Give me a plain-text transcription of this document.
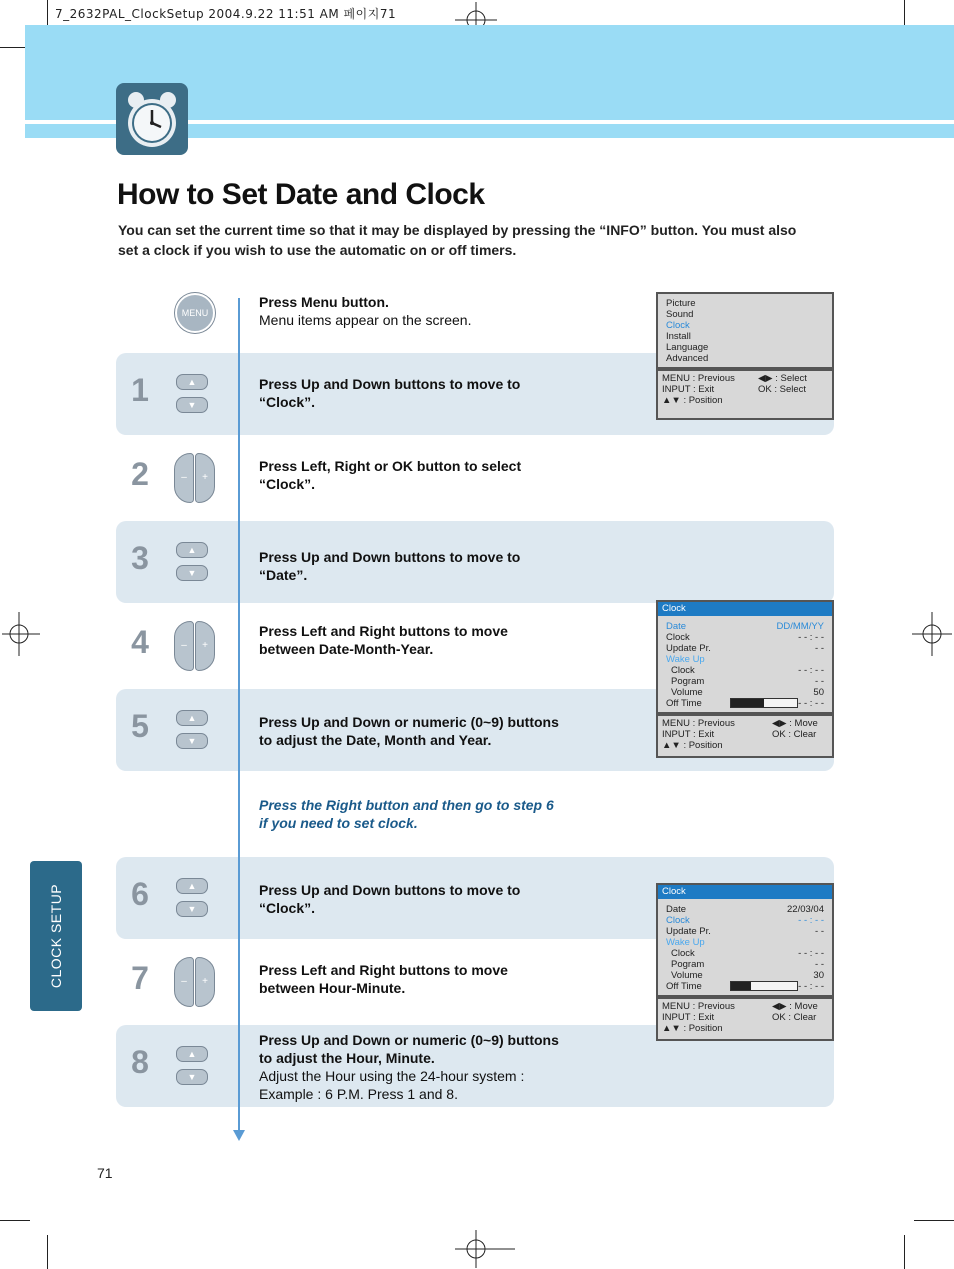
7_2632PAL_ClockSetup 2004.9.22 11:51 AM 페이지71
How to Set Date and Clock
You can set the current time so that it may be displayed by pressing the “INFO” button. You must also set a clock if you wish to use the automatic on or off timers.
MENU
Press Menu button.
Menu items appear on the screen.
1	▲
▼
Press Up and Down buttons to move to
“Clock”.
2	–	+
Press Left, Right or OK button to select
“Clock”.
3	▲
▼
Press Up and Down buttons to move to
“Date”.
4	–	+
Press Left and Right buttons to move
between Date-Month-Year.
5	▲
▼
Press Up and Down or numeric (0~9) buttons
to adjust the Date, Month and Year.
Press the Right button and then go to step 6
if you need to set clock.
6	▲
▼
Press Up and Down buttons to move to
“Clock”.
7	–	+
Press Left and Right buttons to move
between Hour-Minute.
8	▲
▼
Press Up and Down or numeric (0~9) buttons
to adjust the Hour, Minute.
Adjust the Hour using the 24-hour system :
Example : 6 P.M. Press 1 and 8.
Picture
Sound
Clock
Install
Language
Advanced
MENU : Previous ◀▶ : Select
INPUT : Exit	OK : Select
▲▼ : Position
Clock
Date	DD/MM/YY
Clock	- - : - -
Update Pr.	- -
Wake Up
Clock	- - : - -
Pogram	- -
Volume	50
Off Time	- - : - -
MENU : Previous	◀▶ : Move
INPUT : Exit	OK : Clear
▲▼ : Position
Clock
Date	22/03/04
Clock	- - : - -
Update Pr.	- -
Wake Up
Clock	- - : - -
Pogram	- -
Volume	30
Off Time	- - : - -
MENU : Previous	◀▶ : Move
INPUT : Exit	OK : Clear
▲▼ : Position
CLOCK SETUP
71
